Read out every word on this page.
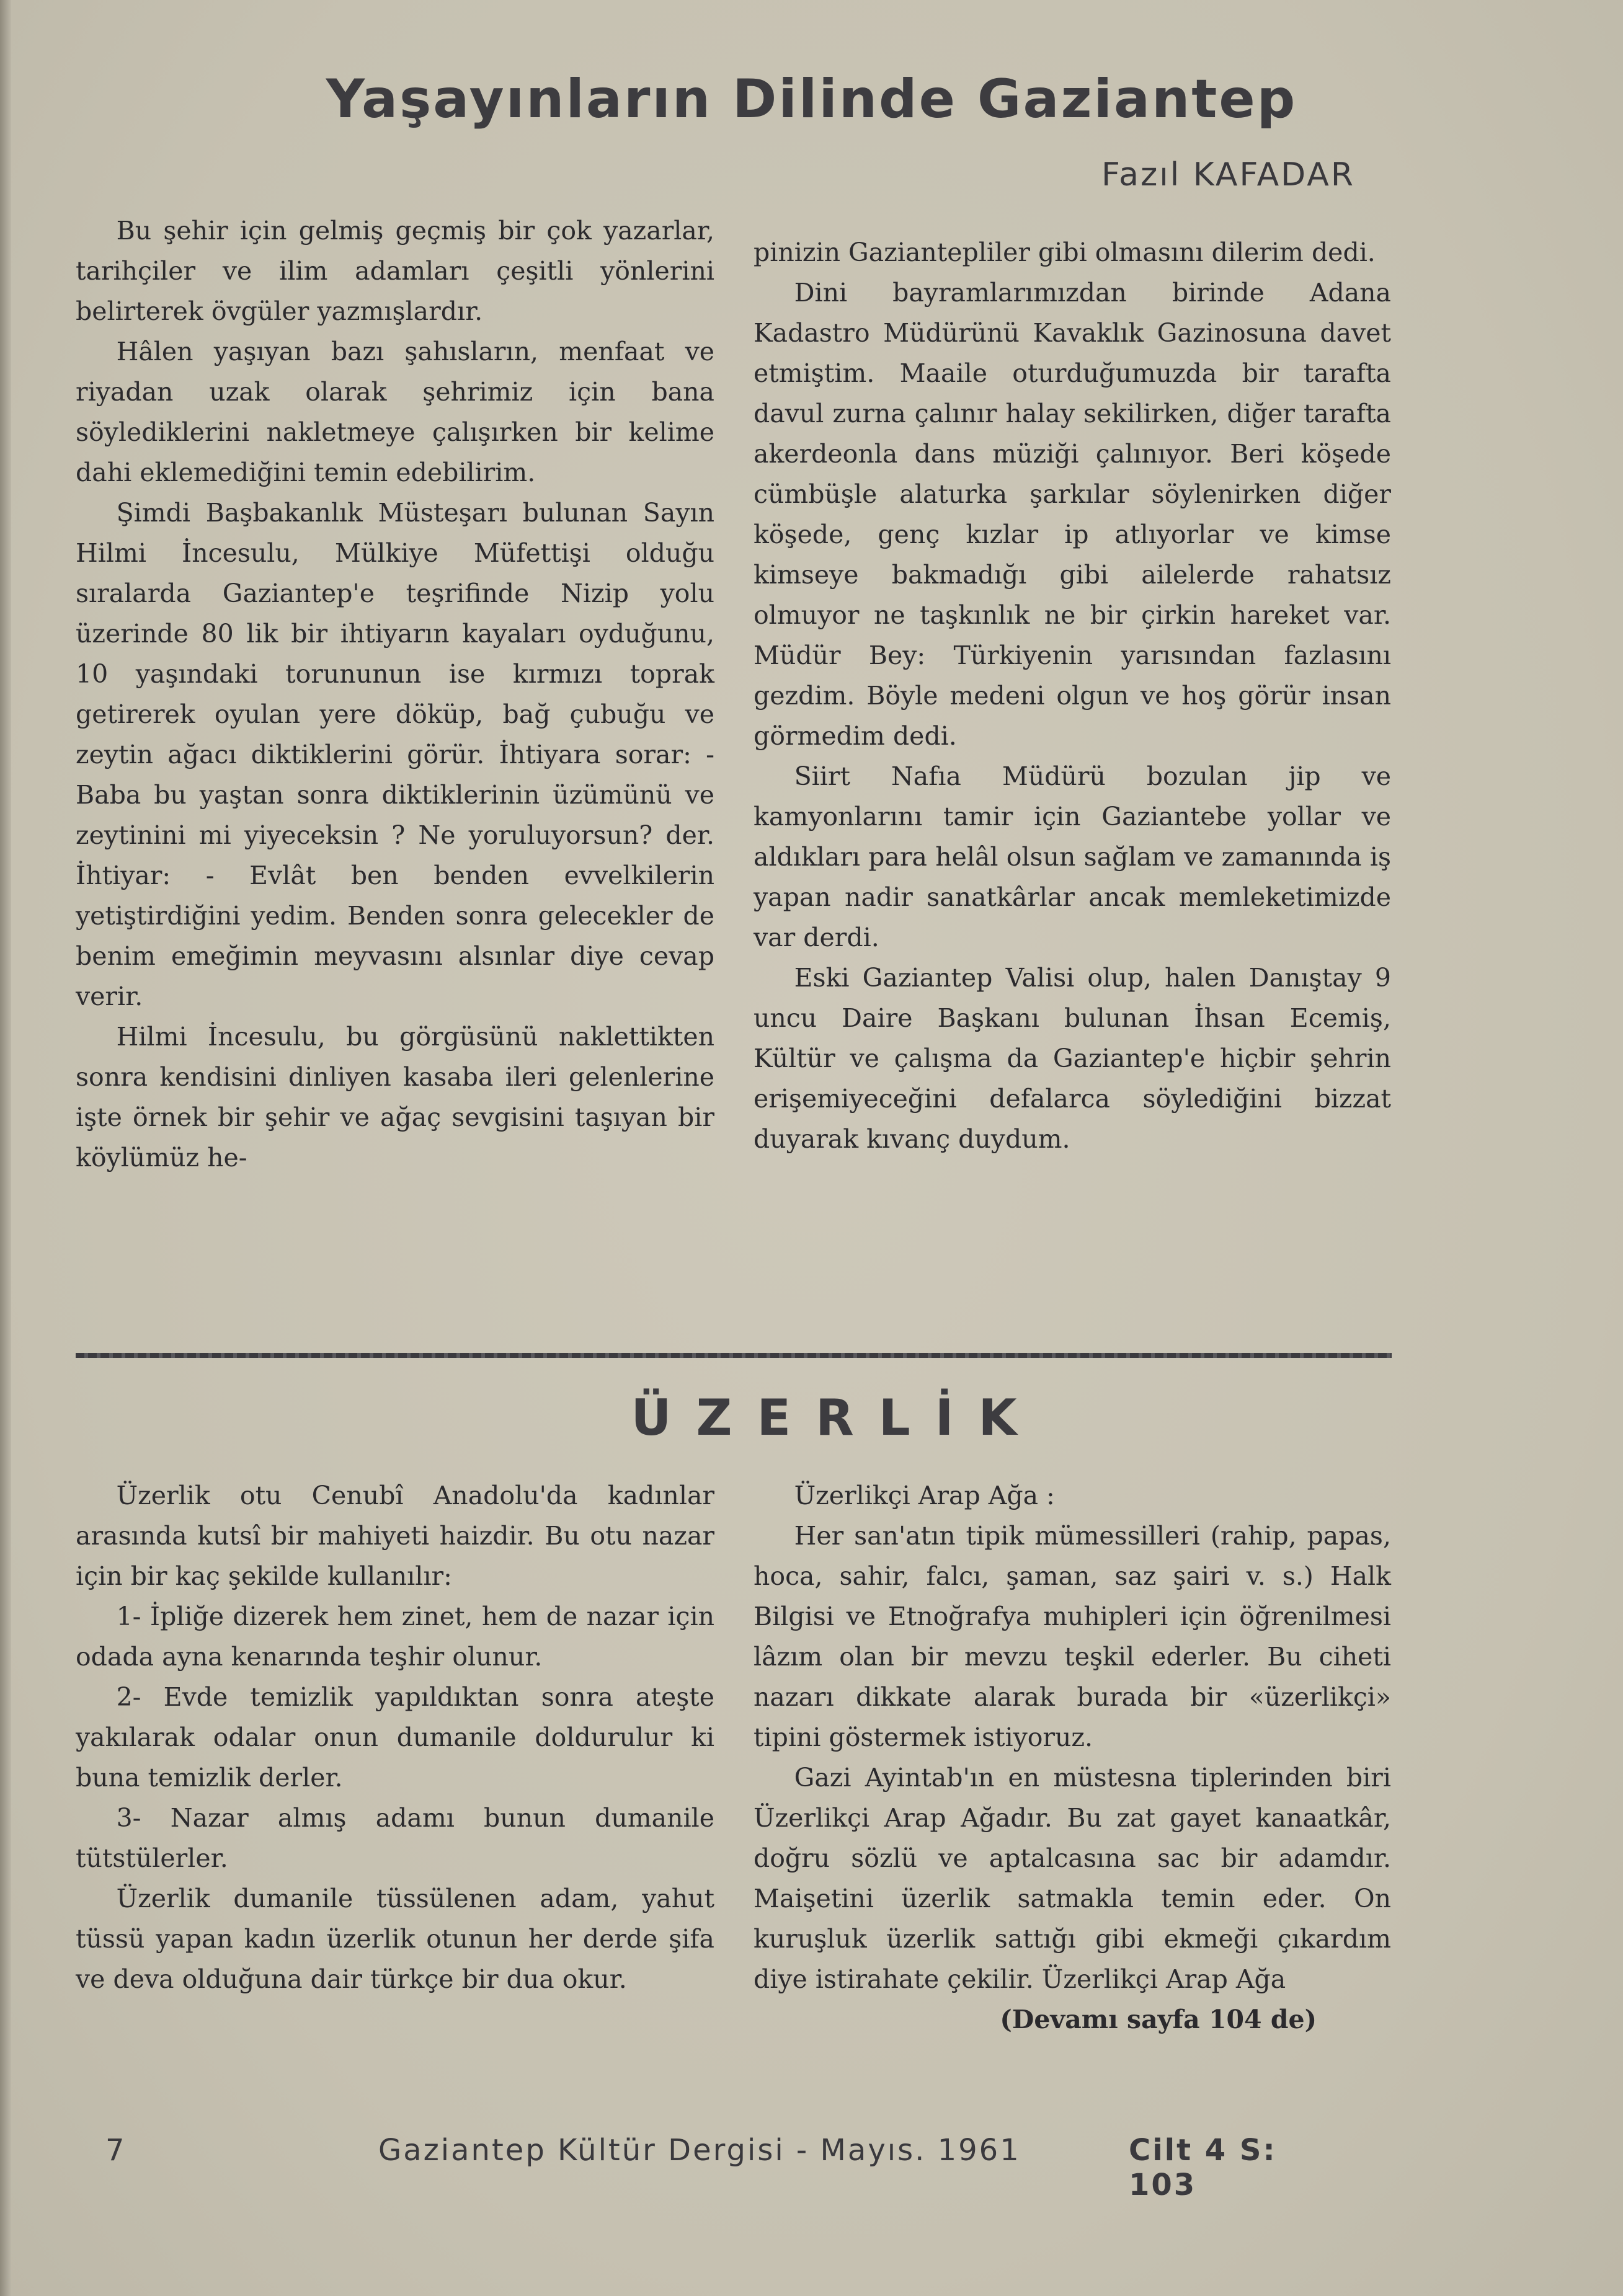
Yaşayınların Dilinde Gaziantep
Fazıl KAFADAR

Bu şehir için gelmiş geçmiş bir çok yazarlar, tarihçiler ve ilim adamları çeşitli yönlerini belirterek övgüler yazmışlardır.

Hâlen yaşıyan bazı şahısların, menfaat ve riyadan uzak olarak şehrimiz için bana söylediklerini nakletmeye çalışırken bir kelime dahi eklemediğini temin edebilirim.

Şimdi Başbakanlık Müsteşarı bulunan Sayın Hilmi İncesulu, Mülkiye Müfettişi olduğu sıralarda Gaziantep'e teşrifinde Nizip yolu üzerinde 80 lik bir ihtiyarın kayaları oyduğunu, 10 yaşındaki torununun ise kırmızı toprak getirerek oyulan yere döküp, bağ çubuğu ve zeytin ağacı diktiklerini görür. İhtiyara sorar: - Baba bu yaştan sonra diktiklerinin üzümünü ve zeytinini mi yiyeceksin ? Ne yoruluyorsun? der. İhtiyar: - Evlât ben benden evvelkilerin yetiştirdiğini yedim. Benden sonra gelecekler de benim emeğimin meyvasını alsınlar diye cevap verir.

Hilmi İncesulu, bu görgüsünü naklettikten sonra kendisini dinliyen kasaba ileri gelenlerine işte örnek bir şehir ve ağaç sevgisini taşıyan bir köylümüz he-

pinizin Gaziantepliler gibi olmasını dilerim dedi.

Dini bayramlarımızdan birinde Adana Kadastro Müdürünü Kavaklık Gazinosuna davet etmiştim. Maaile oturduğumuzda bir tarafta davul zurna çalınır halay sekilirken, diğer tarafta akerdeonla dans müziği çalınıyor. Beri köşede cümbüşle alaturka şarkılar söylenirken diğer köşede, genç kızlar ip atlıyorlar ve kimse kimseye bakmadığı gibi ailelerde rahatsız olmuyor ne taşkınlık ne bir çirkin hareket var. Müdür Bey: Türkiyenin yarısından fazlasını gezdim. Böyle medeni olgun ve hoş görür insan görmedim dedi.

Siirt Nafıa Müdürü bozulan jip ve kamyonlarını tamir için Gaziantebe yollar ve aldıkları para helâl olsun sağlam ve zamanında iş yapan nadir sanatkârlar ancak memleketimizde var derdi.

Eski Gaziantep Valisi olup, halen Danıştay 9 uncu Daire Başkanı bulunan İhsan Ecemiş, Kültür ve çalışma da Gaziantep'e hiçbir şehrin erişemiyeceğini defalarca söylediğini bizzat duyarak kıvanç duydum.

ÜZERLİK

Üzerlik otu Cenubî Anadolu'da kadınlar arasında kutsî bir mahiyeti haizdir. Bu otu nazar için bir kaç şekilde kullanılır:

1- İpliğe dizerek hem zinet, hem de nazar için odada ayna kenarında teşhir olunur.

2- Evde temizlik yapıldıktan sonra ateşte yakılarak odalar onun dumanile doldurulur ki buna temizlik derler.

3- Nazar almış adamı bunun dumanile tütstülerler.

Üzerlik dumanile tüssülenen adam, yahut tüssü yapan kadın üzerlik otunun her derde şifa ve deva olduğuna dair türkçe bir dua okur.

Üzerlikçi Arap Ağa :

Her san'atın tipik mümessilleri (rahip, papas, hoca, sahir, falcı, şaman, saz şairi v. s.) Halk Bilgisi ve Etnoğrafya muhipleri için öğrenilmesi lâzım olan bir mevzu teşkil ederler. Bu ciheti nazarı dikkate alarak burada bir «üzerlikçi» tipini göstermek istiyoruz.

Gazi Ayintab'ın en müstesna tiplerinden biri Üzerlikçi Arap Ağadır. Bu zat gayet kanaatkâr, doğru sözlü ve aptalcasına sac bir adamdır. Maişetini üzerlik satmakla temin eder. On kuruşluk üzerlik sattığı gibi ekmeği çıkardım diye istirahate çekilir. Üzerlikçi Arap Ağa

(Devamı sayfa 104 de)

7	Gaziantep Kültür Dergisi - Mayıs. 1961	Cilt 4 S: 103
